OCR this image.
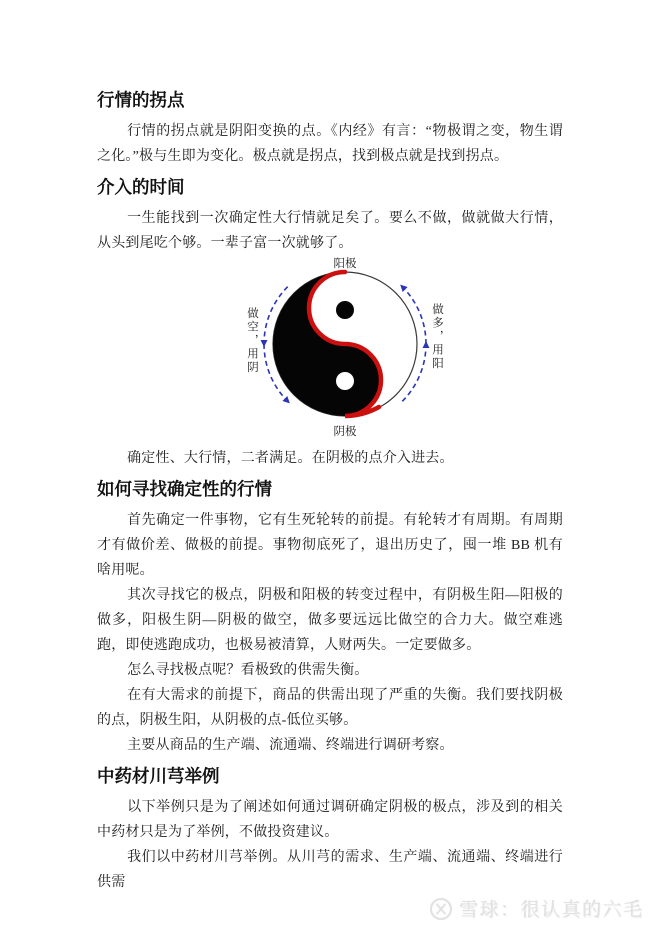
行情的拐点

行情的拐点就是阴阳变换的点。《内经》有言：“物极谓之变，物生谓之化。”极与生即为变化。极点就是拐点，找到极点就是找到拐点。

介入的时间

一生能找到一次确定性大行情就足矣了。要么不做，做就做大行情，从头到尾吃个够。一辈子富一次就够了。

阳极
做空，用阴	做多，用阳
阴极

确定性、大行情，二者满足。在阴极的点介入进去。

如何寻找确定性的行情

首先确定一件事物，它有生死轮转的前提。有轮转才有周期。有周期才有做价差、做极的前提。事物彻底死了，退出历史了，囤一堆 BB 机有啥用呢。

其次寻找它的极点，阴极和阳极的转变过程中，有阴极生阳—阳极的做多，阳极生阴—阴极的做空，做多要远远比做空的合力大。做空难逃跑，即使逃跑成功，也极易被清算，人财两失。一定要做多。

怎么寻找极点呢？看极致的供需失衡。

在有大需求的前提下，商品的供需出现了严重的失衡。我们要找阴极的点，阴极生阳，从阴极的点-低位买够。

主要从商品的生产端、流通端、终端进行调研考察。

中药材川芎举例

以下举例只是为了阐述如何通过调研确定阴极的极点，涉及到的相关中药材只是为了举例，不做投资建议。

我们以中药材川芎举例。从川芎的需求、生产端、流通端、终端进行供需

雪球：很认真的六毛
